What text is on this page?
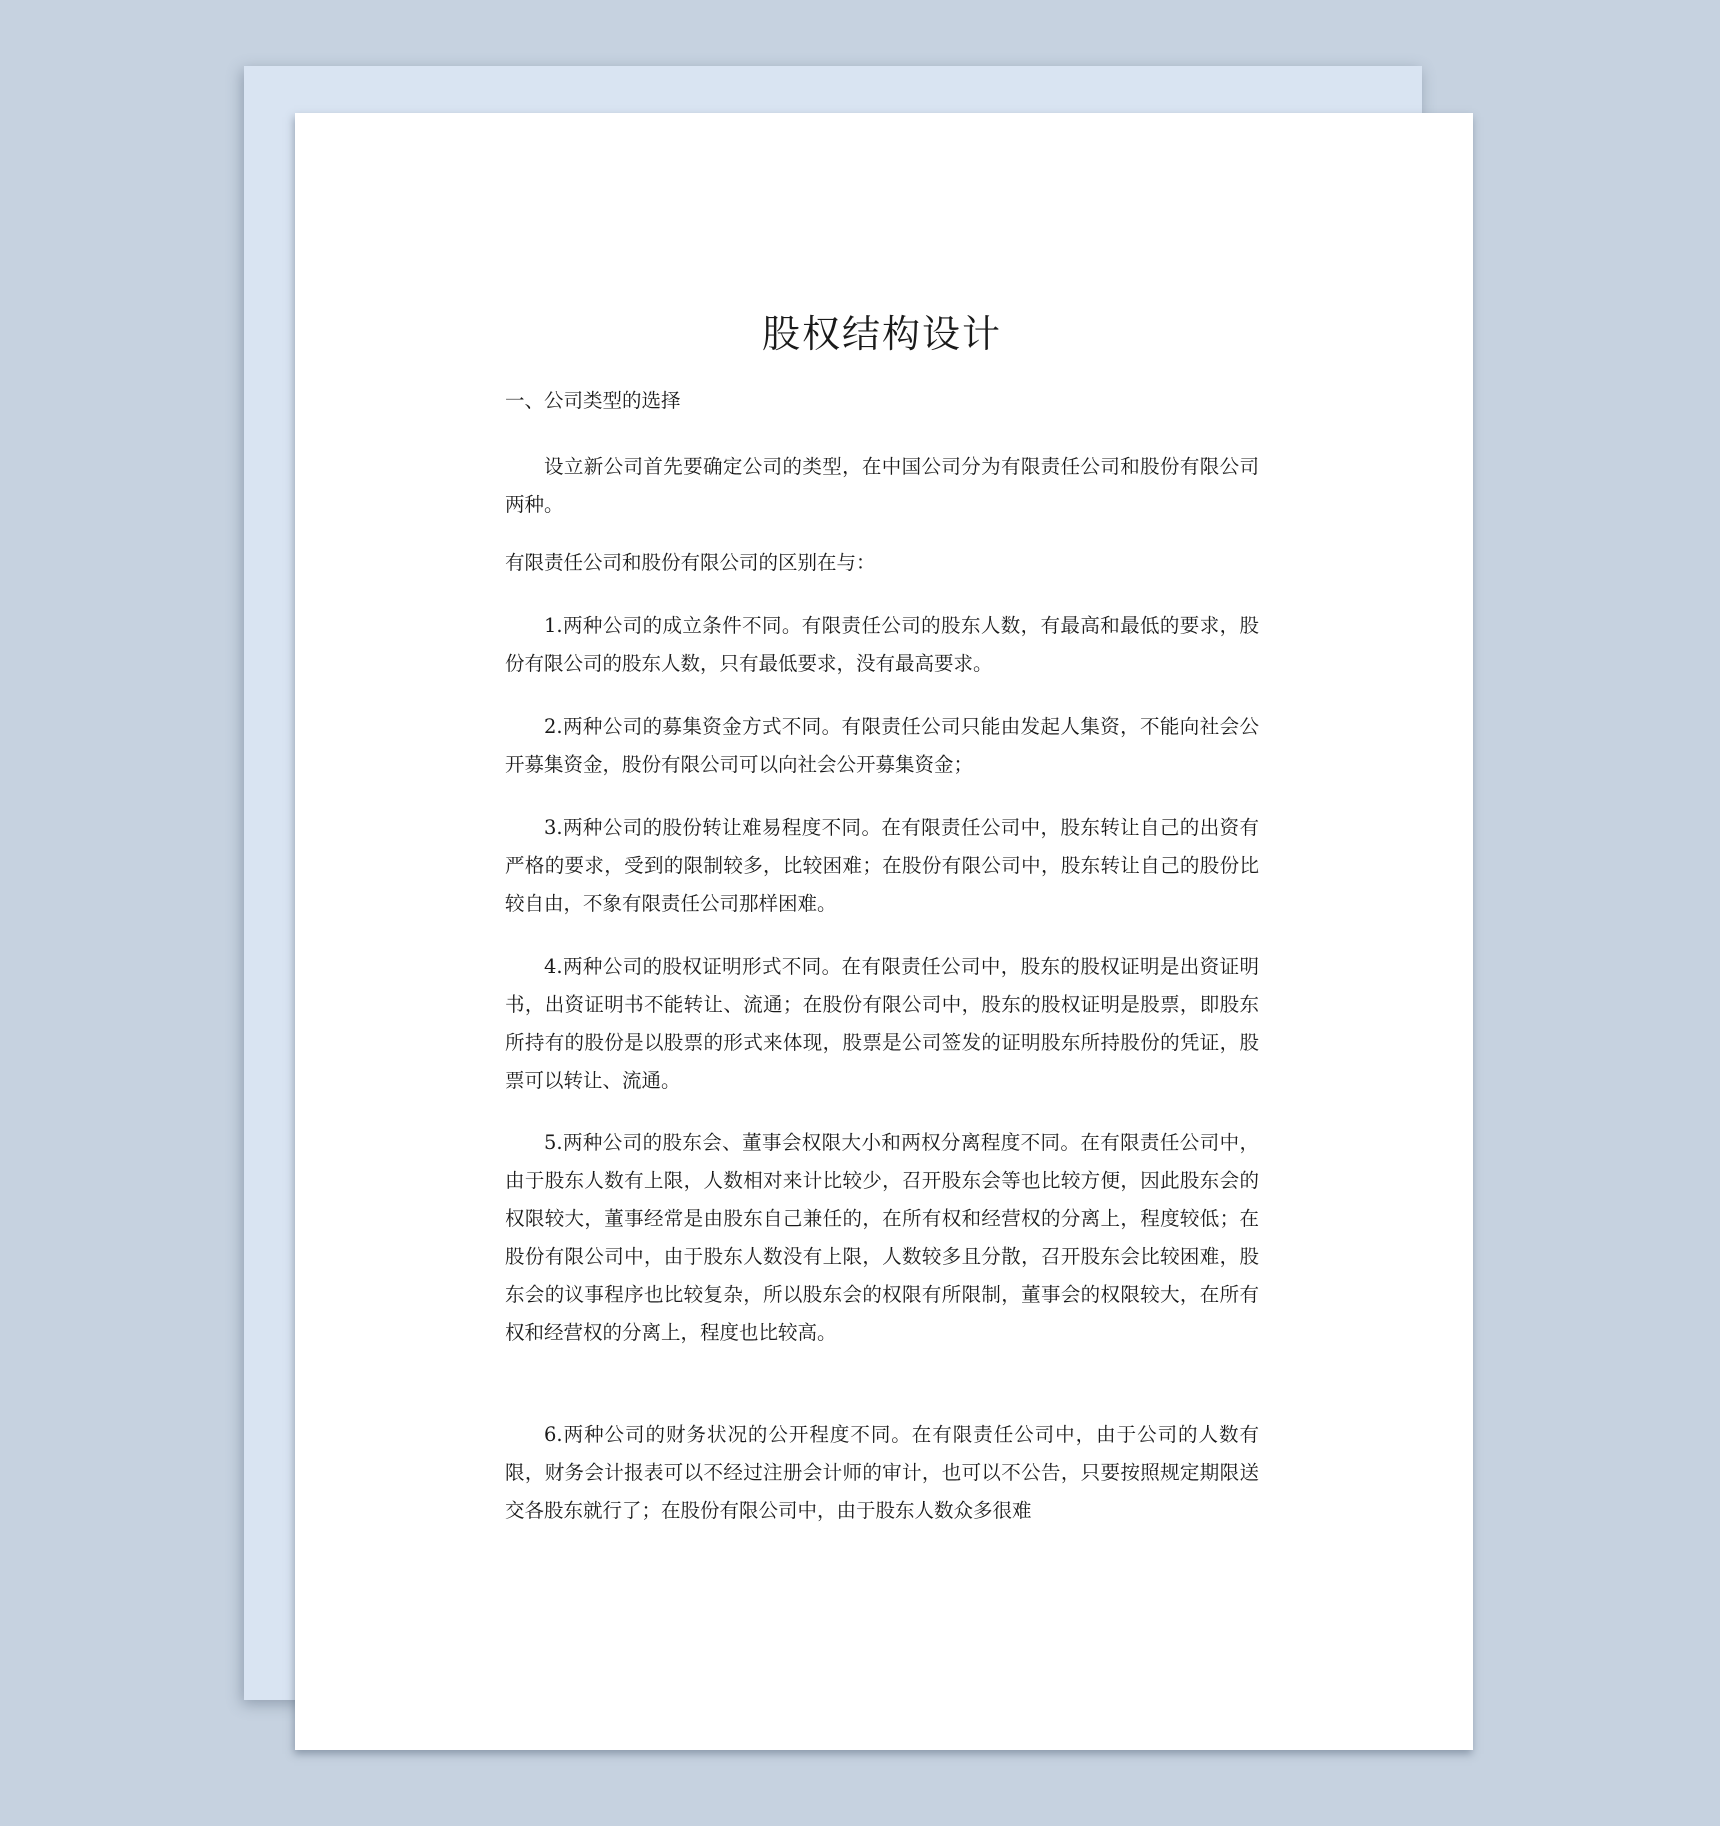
股权结构设计
一、公司类型的选择

设立新公司首先要确定公司的类型，在中国公司分为有限责任公司和股份有限公司两种。

有限责任公司和股份有限公司的区别在与：

1.两种公司的成立条件不同。有限责任公司的股东人数，有最高和最低的要求，股份有限公司的股东人数，只有最低要求，没有最高要求。

2.两种公司的募集资金方式不同。有限责任公司只能由发起人集资，不能向社会公开募集资金，股份有限公司可以向社会公开募集资金；

3.两种公司的股份转让难易程度不同。在有限责任公司中，股东转让自己的出资有严格的要求，受到的限制较多，比较困难；在股份有限公司中，股东转让自己的股份比较自由，不象有限责任公司那样困难。

4.两种公司的股权证明形式不同。在有限责任公司中，股东的股权证明是出资证明书，出资证明书不能转让、流通；在股份有限公司中，股东的股权证明是股票，即股东所持有的股份是以股票的形式来体现，股票是公司签发的证明股东所持股份的凭证，股票可以转让、流通。

5.两种公司的股东会、董事会权限大小和两权分离程度不同。在有限责任公司中，由于股东人数有上限，人数相对来计比较少，召开股东会等也比较方便，因此股东会的权限较大，董事经常是由股东自己兼任的，在所有权和经营权的分离上，程度较低；在股份有限公司中，由于股东人数没有上限，人数较多且分散，召开股东会比较困难，股东会的议事程序也比较复杂，所以股东会的权限有所限制，董事会的权限较大，在所有权和经营权的分离上，程度也比较高。

6.两种公司的财务状况的公开程度不同。在有限责任公司中，由于公司的人数有限，财务会计报表可以不经过注册会计师的审计，也可以不公告，只要按照规定期限送交各股东就行了；在股份有限公司中，由于股东人数众多很难
